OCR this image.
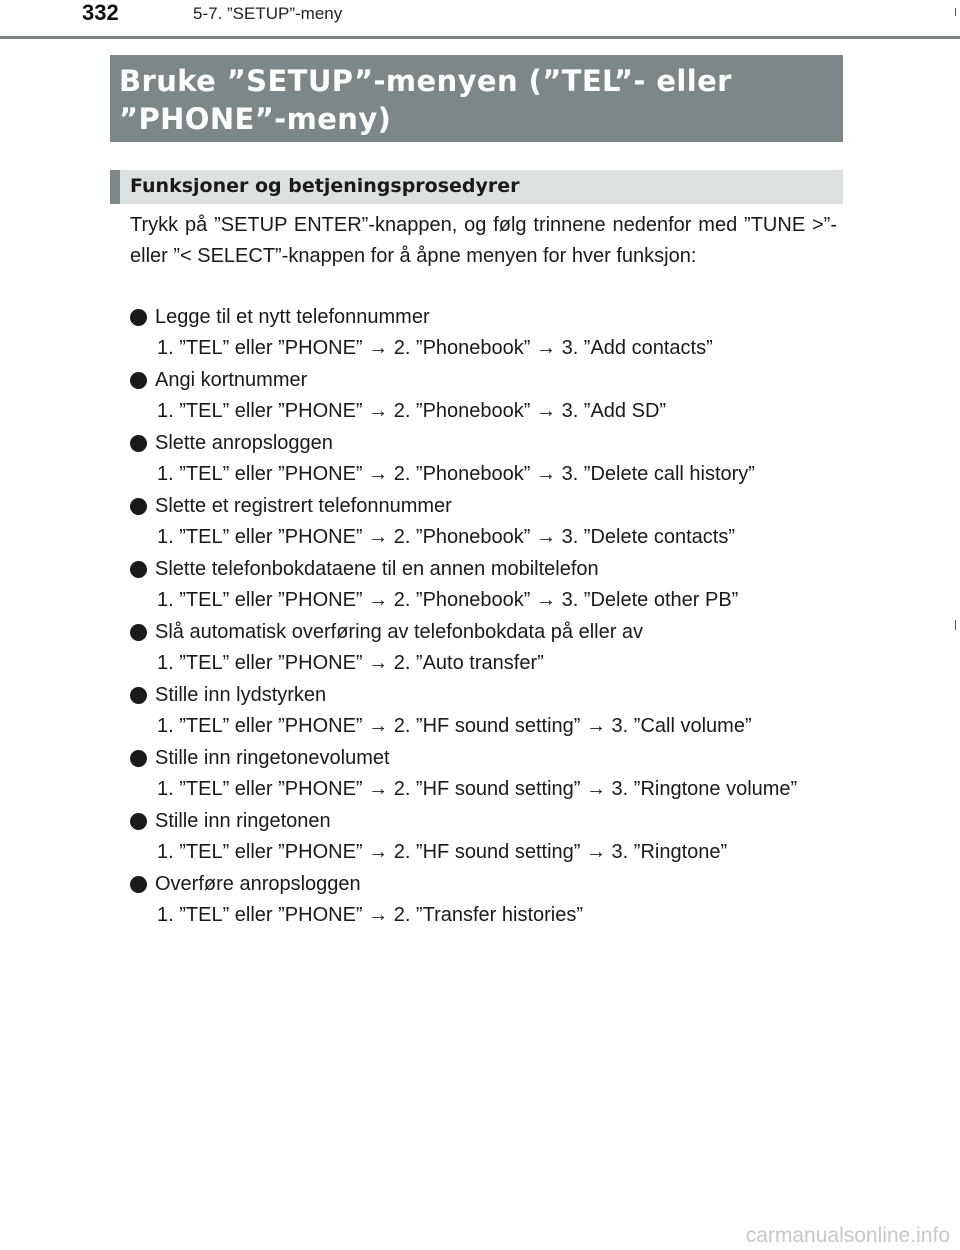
332	5-7. ”SETUP”-meny
Bruke ”SETUP”-menyen (”TEL”- eller ”PHONE”-meny)
Funksjoner og betjeningsprosedyrer

Trykk på ”SETUP ENTER”-knappen, og følg trinnene nedenfor med ”TUNE >”- eller ”< SELECT”-knappen for å åpne menyen for hver funksjon:

Legge til et nytt telefonnummer
1. ”TEL” eller ”PHONE” → 2. ”Phonebook” → 3. ”Add contacts”
Angi kortnummer
1. ”TEL” eller ”PHONE” → 2. ”Phonebook” → 3. ”Add SD”
Slette anropsloggen
1. ”TEL” eller ”PHONE” → 2. ”Phonebook” → 3. ”Delete call history”
Slette et registrert telefonnummer
1. ”TEL” eller ”PHONE” → 2. ”Phonebook” → 3. ”Delete contacts”
Slette telefonbokdataene til en annen mobiltelefon
1. ”TEL” eller ”PHONE” → 2. ”Phonebook” → 3. ”Delete other PB”
Slå automatisk overføring av telefonbokdata på eller av
1. ”TEL” eller ”PHONE” → 2. ”Auto transfer”
Stille inn lydstyrken
1. ”TEL” eller ”PHONE” → 2. ”HF sound setting” → 3. ”Call volume”
Stille inn ringetonevolumet
1. ”TEL” eller ”PHONE” → 2. ”HF sound setting” → 3. ”Ringtone volume”
Stille inn ringetonen
1. ”TEL” eller ”PHONE” → 2. ”HF sound setting” → 3. ”Ringtone”
Overføre anropsloggen
1. ”TEL” eller ”PHONE” → 2. ”Transfer histories”
carmanualsonline.info
